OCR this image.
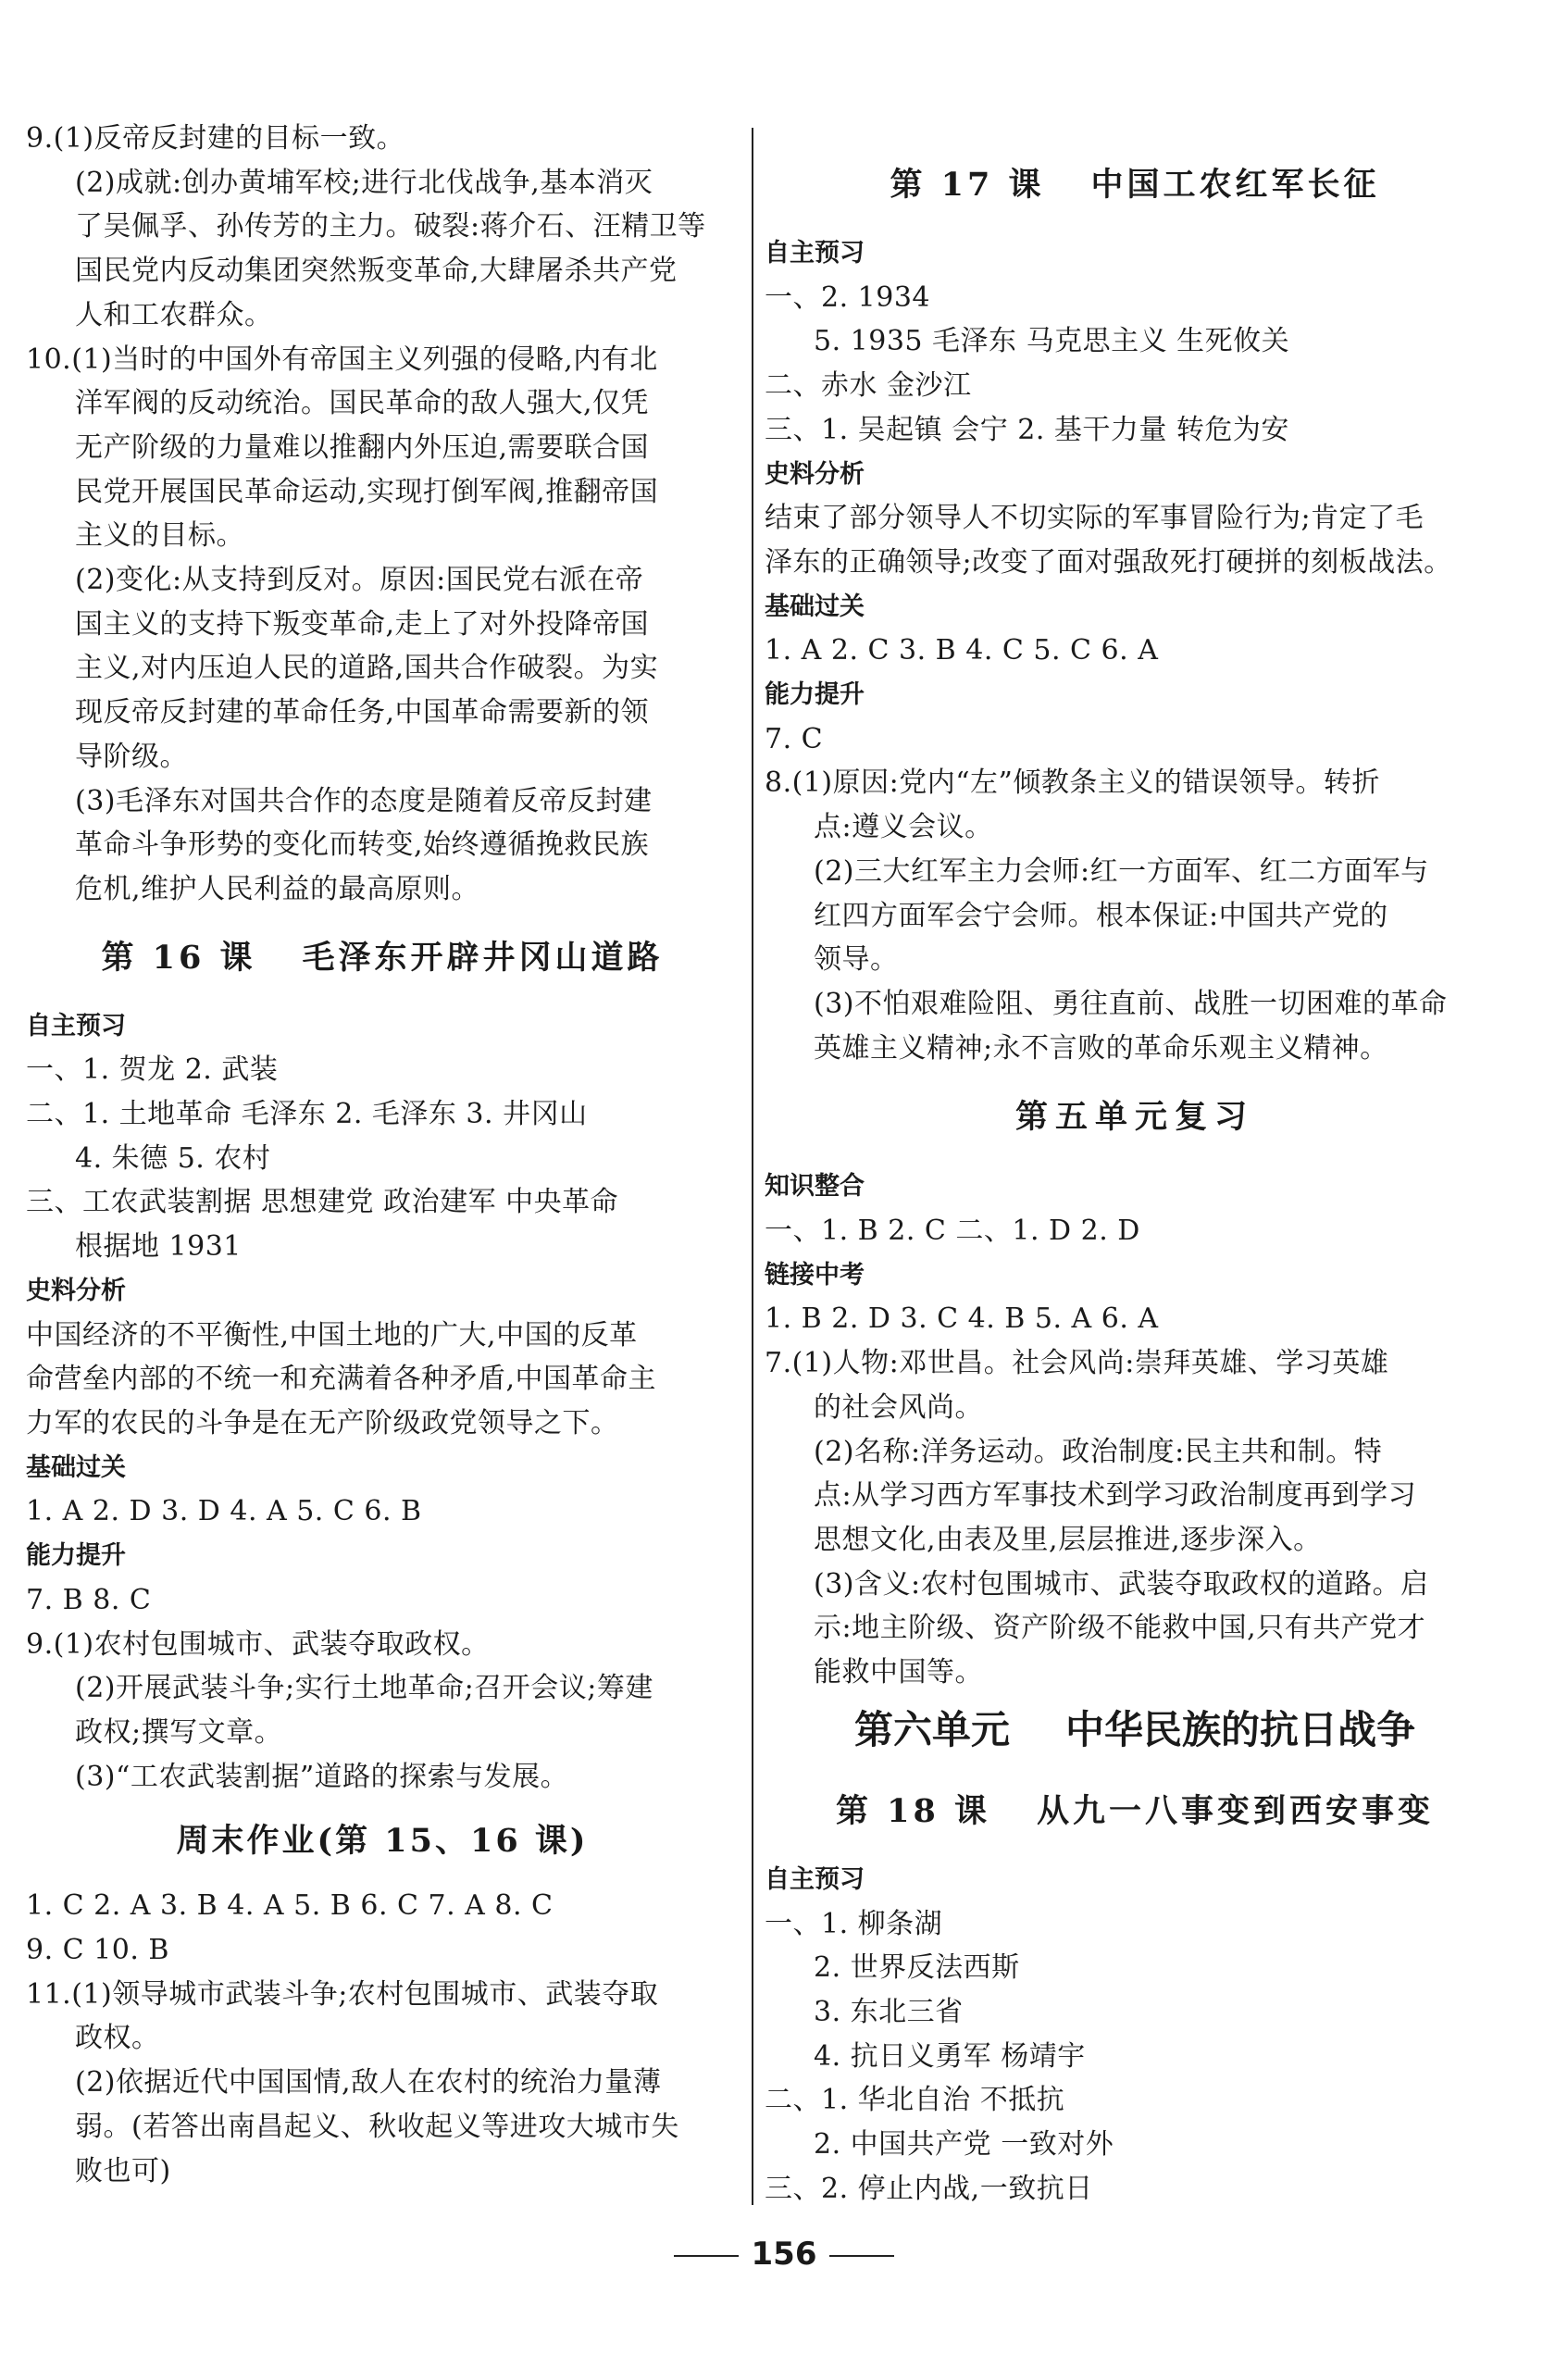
9.(1)反帝反封建的目标一致。
(2)成就:创办黄埔军校;进行北伐战争,基本消灭
了吴佩孚、孙传芳的主力。破裂:蒋介石、汪精卫等
国民党内反动集团突然叛变革命,大肆屠杀共产党
人和工农群众。
10.(1)当时的中国外有帝国主义列强的侵略,内有北
洋军阀的反动统治。国民革命的敌人强大,仅凭
无产阶级的力量难以推翻内外压迫,需要联合国
民党开展国民革命运动,实现打倒军阀,推翻帝国
主义的目标。
(2)变化:从支持到反对。原因:国民党右派在帝
国主义的支持下叛变革命,走上了对外投降帝国
主义,对内压迫人民的道路,国共合作破裂。为实
现反帝反封建的革命任务,中国革命需要新的领
导阶级。
(3)毛泽东对国共合作的态度是随着反帝反封建
革命斗争形势的变化而转变,始终遵循挽救民族
危机,维护人民利益的最高原则。
第 16 课 毛泽东开辟井冈山道路
自主预习
一、1. 贺龙 2. 武装
二、1. 土地革命 毛泽东 2. 毛泽东 3. 井冈山
4. 朱德 5. 农村
三、工农武装割据 思想建党 政治建军 中央革命
根据地 1931
史料分析
中国经济的不平衡性,中国土地的广大,中国的反革
命营垒内部的不统一和充满着各种矛盾,中国革命主
力军的农民的斗争是在无产阶级政党领导之下。
基础过关
1. A 2. D 3. D 4. A 5. C 6. B
能力提升
7. B 8. C
9.(1)农村包围城市、武装夺取政权。
(2)开展武装斗争;实行土地革命;召开会议;筹建
政权;撰写文章。
(3)“工农武装割据”道路的探索与发展。
周末作业(第 15、16 课)
1. C 2. A 3. B 4. A 5. B 6. C 7. A 8. C
9. C 10. B
11.(1)领导城市武装斗争;农村包围城市、武装夺取
政权。
(2)依据近代中国国情,敌人在农村的统治力量薄
弱。(若答出南昌起义、秋收起义等进攻大城市失
败也可)
第 17 课 中国工农红军长征
自主预习
一、2. 1934
5. 1935 毛泽东 马克思主义 生死攸关
二、赤水 金沙江
三、1. 吴起镇 会宁 2. 基干力量 转危为安
史料分析
结束了部分领导人不切实际的军事冒险行为;肯定了毛
泽东的正确领导;改变了面对强敌死打硬拼的刻板战法。
基础过关
1. A 2. C 3. B 4. C 5. C 6. A
能力提升
7. C
8.(1)原因:党内“左”倾教条主义的错误领导。转折
点:遵义会议。
(2)三大红军主力会师:红一方面军、红二方面军与
红四方面军会宁会师。根本保证:中国共产党的
领导。
(3)不怕艰难险阻、勇往直前、战胜一切困难的革命
英雄主义精神;永不言败的革命乐观主义精神。
第五单元复习
知识整合
一、1. B 2. C 二、1. D 2. D
链接中考
1. B 2. D 3. C 4. B 5. A 6. A
7.(1)人物:邓世昌。社会风尚:崇拜英雄、学习英雄
的社会风尚。
(2)名称:洋务运动。政治制度:民主共和制。特
点:从学习西方军事技术到学习政治制度再到学习
思想文化,由表及里,层层推进,逐步深入。
(3)含义:农村包围城市、武装夺取政权的道路。启
示:地主阶级、资产阶级不能救中国,只有共产党才
能救中国等。
第六单元 中华民族的抗日战争
第 18 课 从九一八事变到西安事变
自主预习
一、1. 柳条湖
2. 世界反法西斯
3. 东北三省
4. 抗日义勇军 杨靖宇
二、1. 华北自治 不抵抗
2. 中国共产党 一致对外
三、2. 停止内战,一致抗日
156
